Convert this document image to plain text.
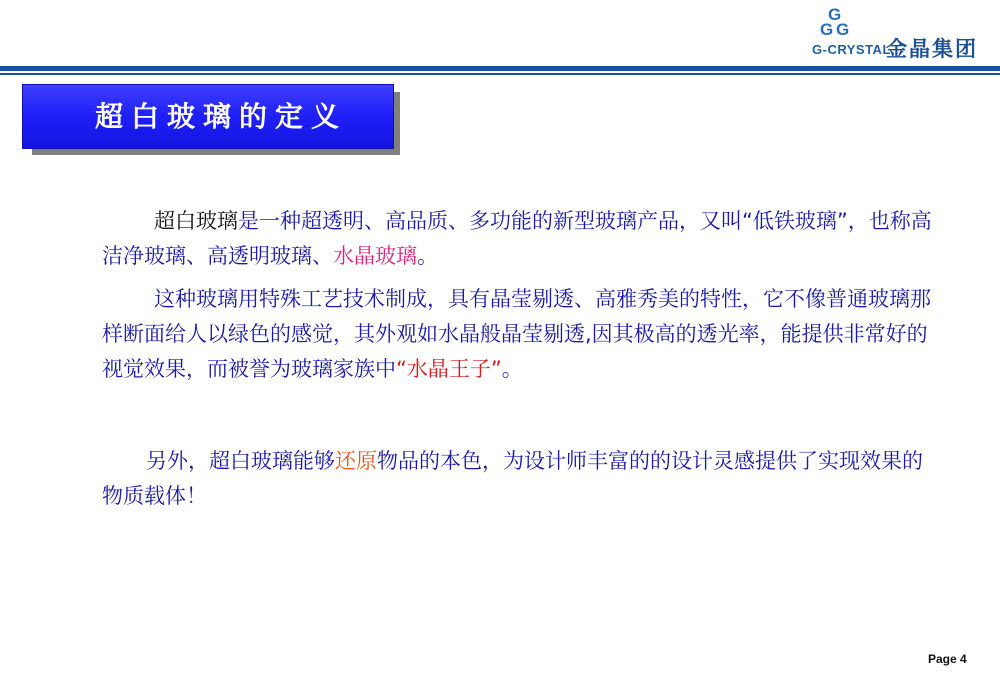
G
G G
G-CRYSTAL
金晶集团
超白玻璃的定义

超白玻璃是一种超透明、高品质、多功能的新型玻璃产品，又叫“低铁玻璃”，也称高洁净玻璃、高透明玻璃、水晶玻璃。

这种玻璃用特殊工艺技术制成，具有晶莹剔透、高雅秀美的特性，它不像普通玻璃那样断面给人以绿色的感觉，其外观如水晶般晶莹剔透,因其极高的透光率，能提供非常好的视觉效果，而被誉为玻璃家族中“水晶王子”。

另外，超白玻璃能够还原物品的本色，为设计师丰富的的设计灵感提供了实现效果的物质载体！

Page 4
